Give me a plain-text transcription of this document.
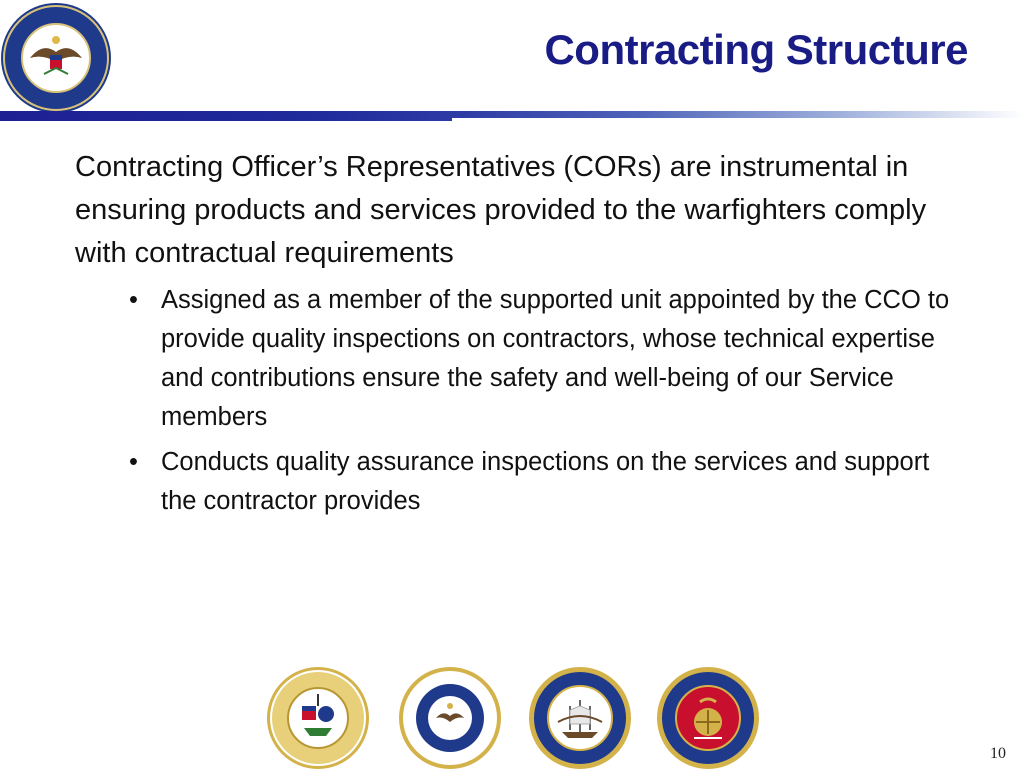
Contracting Structure

Contracting Officer’s Representatives (CORs) are instrumental in ensuring products and services provided to the warfighters comply with contractual requirements

• Assigned as a member of the supported unit appointed by the CCO to provide quality inspections on contractors, whose technical expertise and contributions ensure the safety and well-being of our Service members
• Conducts quality assurance inspections on the services and support the contractor provides
10
